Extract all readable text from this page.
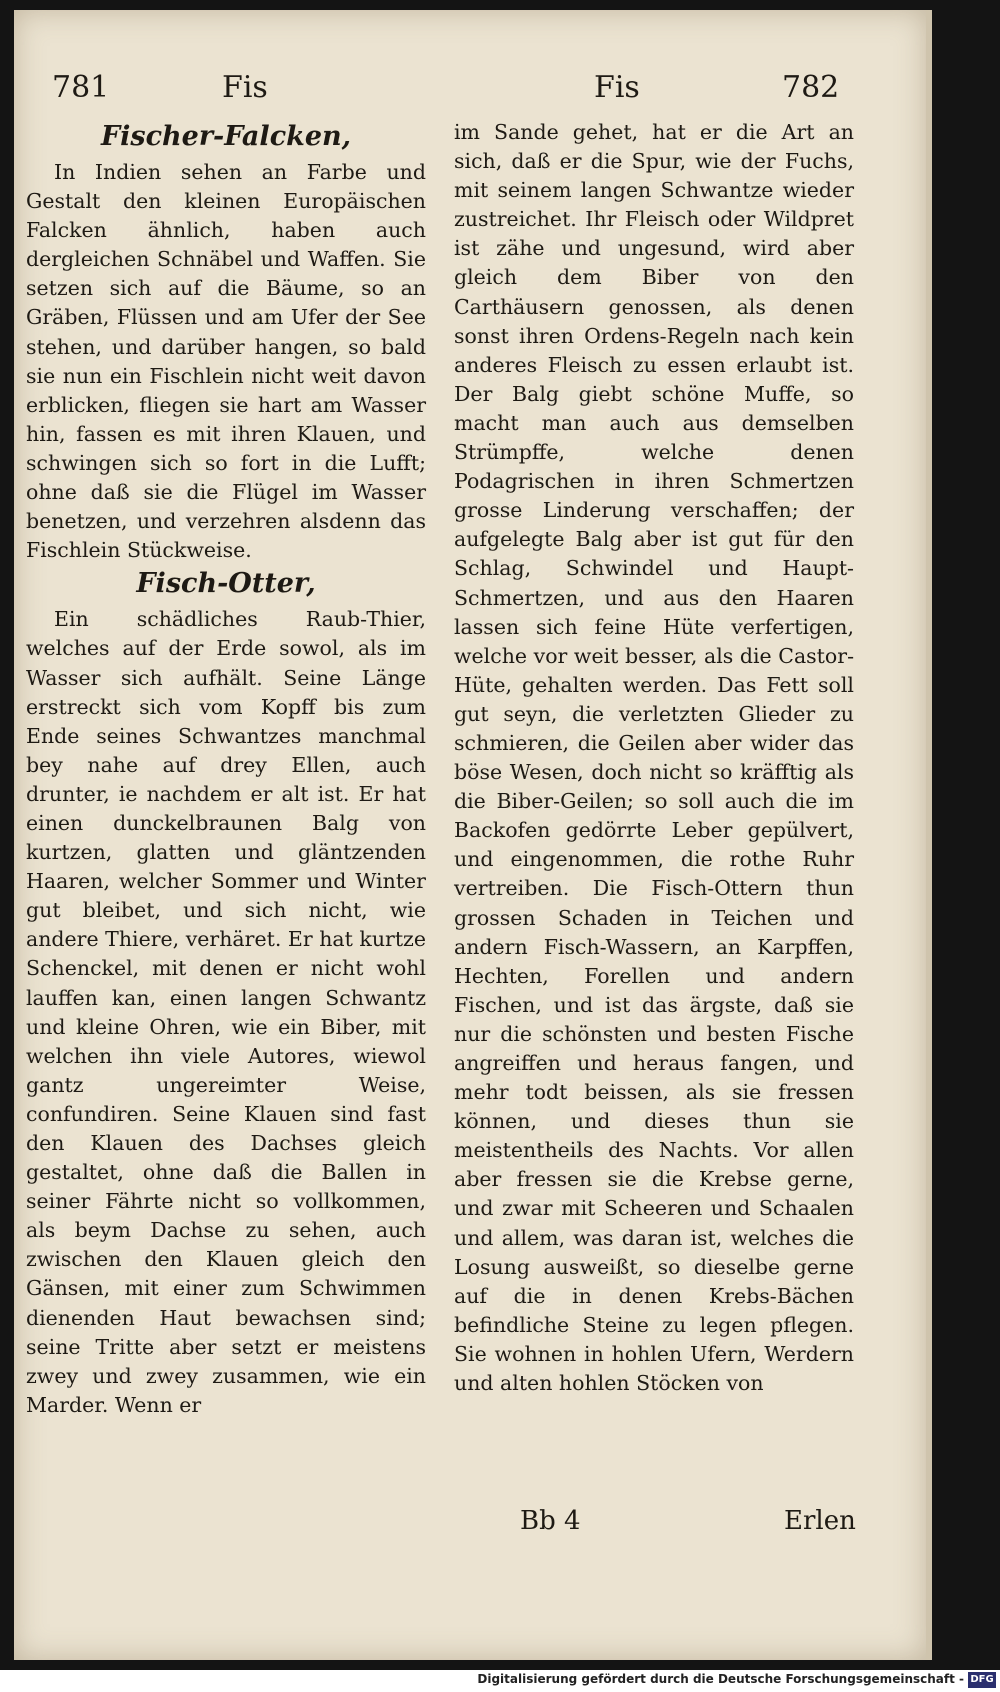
781	Fis	Fis	782
Fischer-Falcken,

In Indien sehen an Farbe und Gestalt den kleinen Europäischen Falcken ähnlich, haben auch dergleichen Schnäbel und Waffen. Sie setzen sich auf die Bäume, so an Gräben, Flüssen und am Ufer der See stehen, und darüber hangen, so bald sie nun ein Fischlein nicht weit davon erblicken, fliegen sie hart am Wasser hin, fassen es mit ihren Klauen, und schwingen sich so fort in die Lufft; ohne daß sie die Flügel im Wasser benetzen, und verzehren alsdenn das Fischlein Stückweise.

Fisch-Otter,

Ein schädliches Raub-Thier, welches auf der Erde sowol, als im Wasser sich aufhält. Seine Länge erstreckt sich vom Kopff bis zum Ende seines Schwantzes manchmal bey nahe auf drey Ellen, auch drunter, ie nachdem er alt ist. Er hat einen dunckelbraunen Balg von kurtzen, glatten und gläntzenden Haaren, welcher Sommer und Winter gut bleibet, und sich nicht, wie andere Thiere, verhäret. Er hat kurtze Schenckel, mit denen er nicht wohl lauffen kan, einen langen Schwantz und kleine Ohren, wie ein Biber, mit welchen ihn viele Autores, wiewol gantz ungereimter Weise, confundiren. Seine Klauen sind fast den Klauen des Dachses gleich gestaltet, ohne daß die Ballen in seiner Fährte nicht so vollkommen, als beym Dachse zu sehen, auch zwischen den Klauen gleich den Gänsen, mit einer zum Schwimmen dienenden Haut bewachsen sind; seine Tritte aber setzt er meistens zwey und zwey zusammen, wie ein Marder. Wenn er

im Sande gehet, hat er die Art an sich, daß er die Spur, wie der Fuchs, mit seinem langen Schwantze wieder zustreichet. Ihr Fleisch oder Wildpret ist zähe und ungesund, wird aber gleich dem Biber von den Carthäusern genossen, als denen sonst ihren Ordens-Regeln nach kein anderes Fleisch zu essen erlaubt ist. Der Balg giebt schöne Muffe, so macht man auch aus demselben Strümpffe, welche denen Podagrischen in ihren Schmertzen grosse Linderung verschaffen; der aufgelegte Balg aber ist gut für den Schlag, Schwindel und Haupt-Schmertzen, und aus den Haaren lassen sich feine Hüte verfertigen, welche vor weit besser, als die Castor-Hüte, gehalten werden. Das Fett soll gut seyn, die verletzten Glieder zu schmieren, die Geilen aber wider das böse Wesen, doch nicht so kräfftig als die Biber-Geilen; so soll auch die im Backofen gedörrte Leber gepülvert, und eingenommen, die rothe Ruhr vertreiben. Die Fisch-Ottern thun grossen Schaden in Teichen und andern Fisch-Wassern, an Karpffen, Hechten, Forellen und andern Fischen, und ist das ärgste, daß sie nur die schönsten und besten Fische angreiffen und heraus fangen, und mehr todt beissen, als sie fressen können, und dieses thun sie meistentheils des Nachts. Vor allen aber fressen sie die Krebse gerne, und zwar mit Scheeren und Schaalen und allem, was daran ist, welches die Losung ausweißt, so dieselbe gerne auf die in denen Krebs-Bächen befindliche Steine zu legen pflegen. Sie wohnen in hohlen Ufern, Werdern und alten hohlen Stöcken von

Bb 4	Erlen
Digitalisierung gefördert durch die Deutsche Forschungsgemeinschaft - DFG
